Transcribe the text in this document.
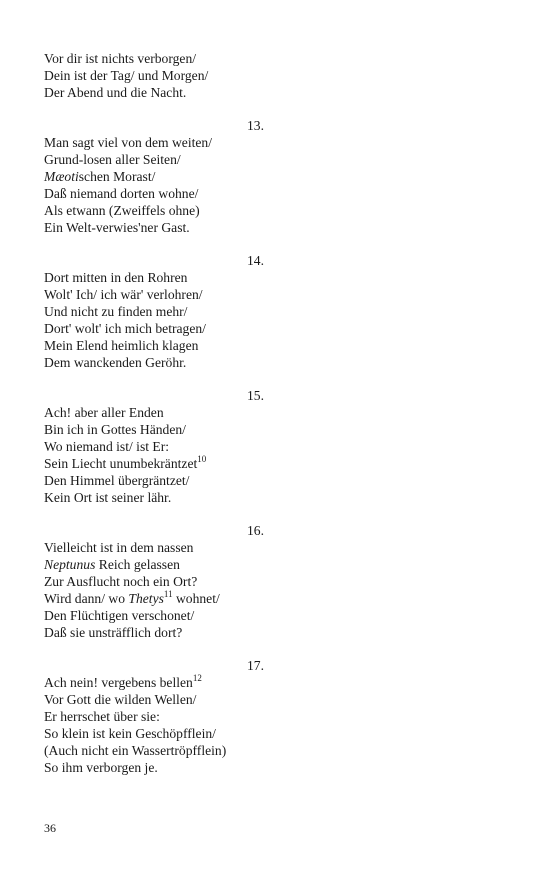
Vor dir ist nichts verborgen/
Dein ist der Tag/ und Morgen/
Der Abend und die Nacht.
13.
Man sagt viel von dem weiten/
Grund-losen aller Seiten/
Mæotischen Morast/
Daß niemand dorten wohne/
Als etwann (Zweiffels ohne)
Ein Welt-verwies'ner Gast.
14.
Dort mitten in den Rohren
Wolt' Ich/ ich wär' verlohren/
Und nicht zu finden mehr/
Dort' wolt' ich mich betragen/
Mein Elend heimlich klagen
Dem wanckenden Geröhr.
15.
Ach! aber aller Enden
Bin ich in Gottes Händen/
Wo niemand ist/ ist Er:
Sein Liecht unumbekräntzet$^{10}$
Den Himmel übergräntzet/
Kein Ort ist seiner lähr.
16.
Vielleicht ist in dem nassen
Neptunus Reich gelassen
Zur Ausflucht noch ein Ort?
Wird dann/ wo Thetys$^{11}$ wohnet/
Den Flüchtigen verschonet/
Daß sie unsträfflich dort?
17.
Ach nein! vergebens bellen$^{12}$
Vor Gott die wilden Wellen/
Er herrschet über sie:
So klein ist kein Geschöpfflein/
(Auch nicht ein Wassertröpfflein)
So ihm verborgen je.
36
